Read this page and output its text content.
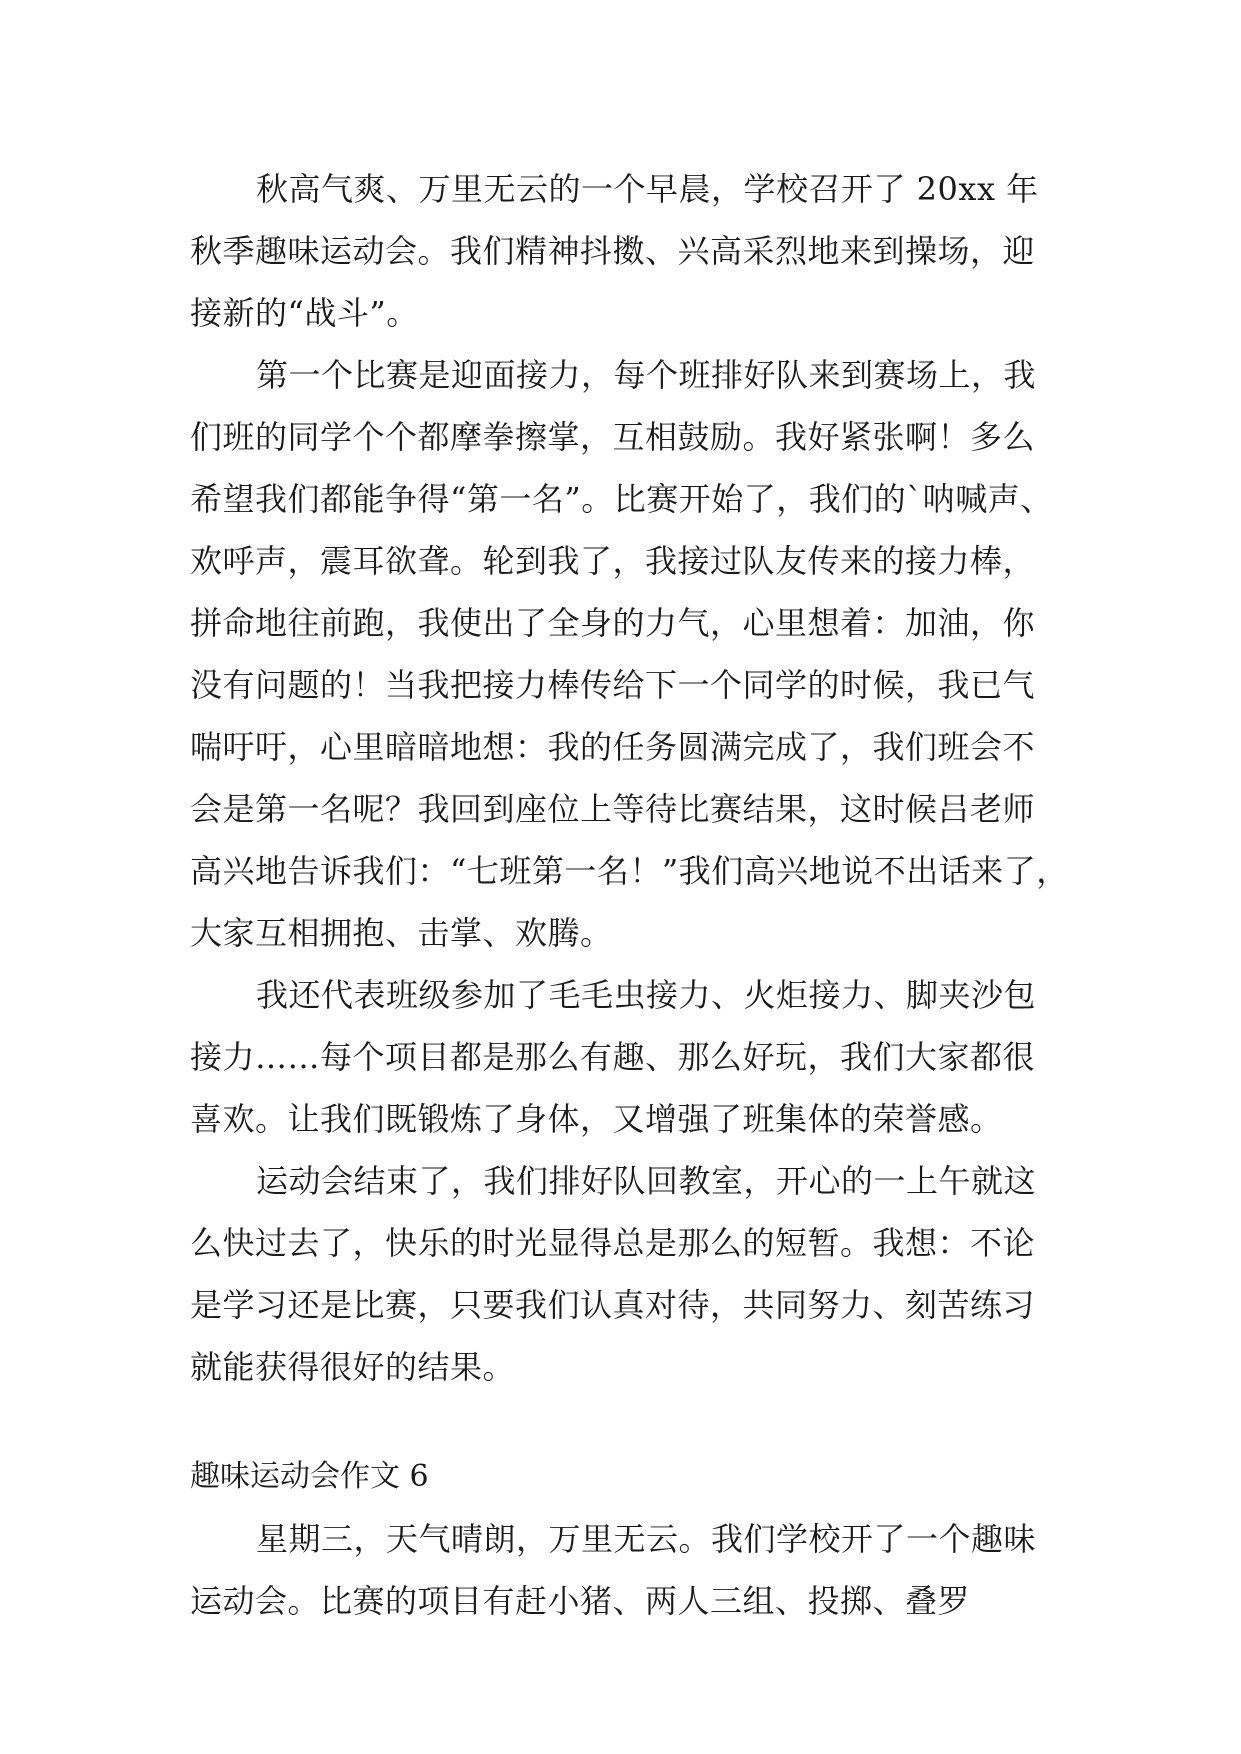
秋高气爽、万里无云的一个早晨，学校召开了 20xx 年
秋季趣味运动会。我们精神抖擞、兴高采烈地来到操场，迎
接新的“战斗”。
第一个比赛是迎面接力，每个班排好队来到赛场上，我
们班的同学个个都摩拳擦掌，互相鼓励。我好紧张啊！多么
希望我们都能争得“第一名”。比赛开始了，我们的`呐喊声、
欢呼声，震耳欲聋。轮到我了，我接过队友传来的接力棒，
拼命地往前跑，我使出了全身的力气，心里想着：加油，你
没有问题的！当我把接力棒传给下一个同学的时候，我已气
喘吁吁，心里暗暗地想：我的任务圆满完成了，我们班会不
会是第一名呢？我回到座位上等待比赛结果，这时候吕老师
高兴地告诉我们：“七班第一名！”我们高兴地说不出话来了，
大家互相拥抱、击掌、欢腾。
我还代表班级参加了毛毛虫接力、火炬接力、脚夹沙包
接力……每个项目都是那么有趣、那么好玩，我们大家都很
喜欢。让我们既锻炼了身体，又增强了班集体的荣誉感。
运动会结束了，我们排好队回教室，开心的一上午就这
么快过去了，快乐的时光显得总是那么的短暂。我想：不论
是学习还是比赛，只要我们认真对待，共同努力、刻苦练习
就能获得很好的结果。
趣味运动会作文 6
星期三，天气晴朗，万里无云。我们学校开了一个趣味
运动会。比赛的项目有赶小猪、两人三组、投掷、叠罗
